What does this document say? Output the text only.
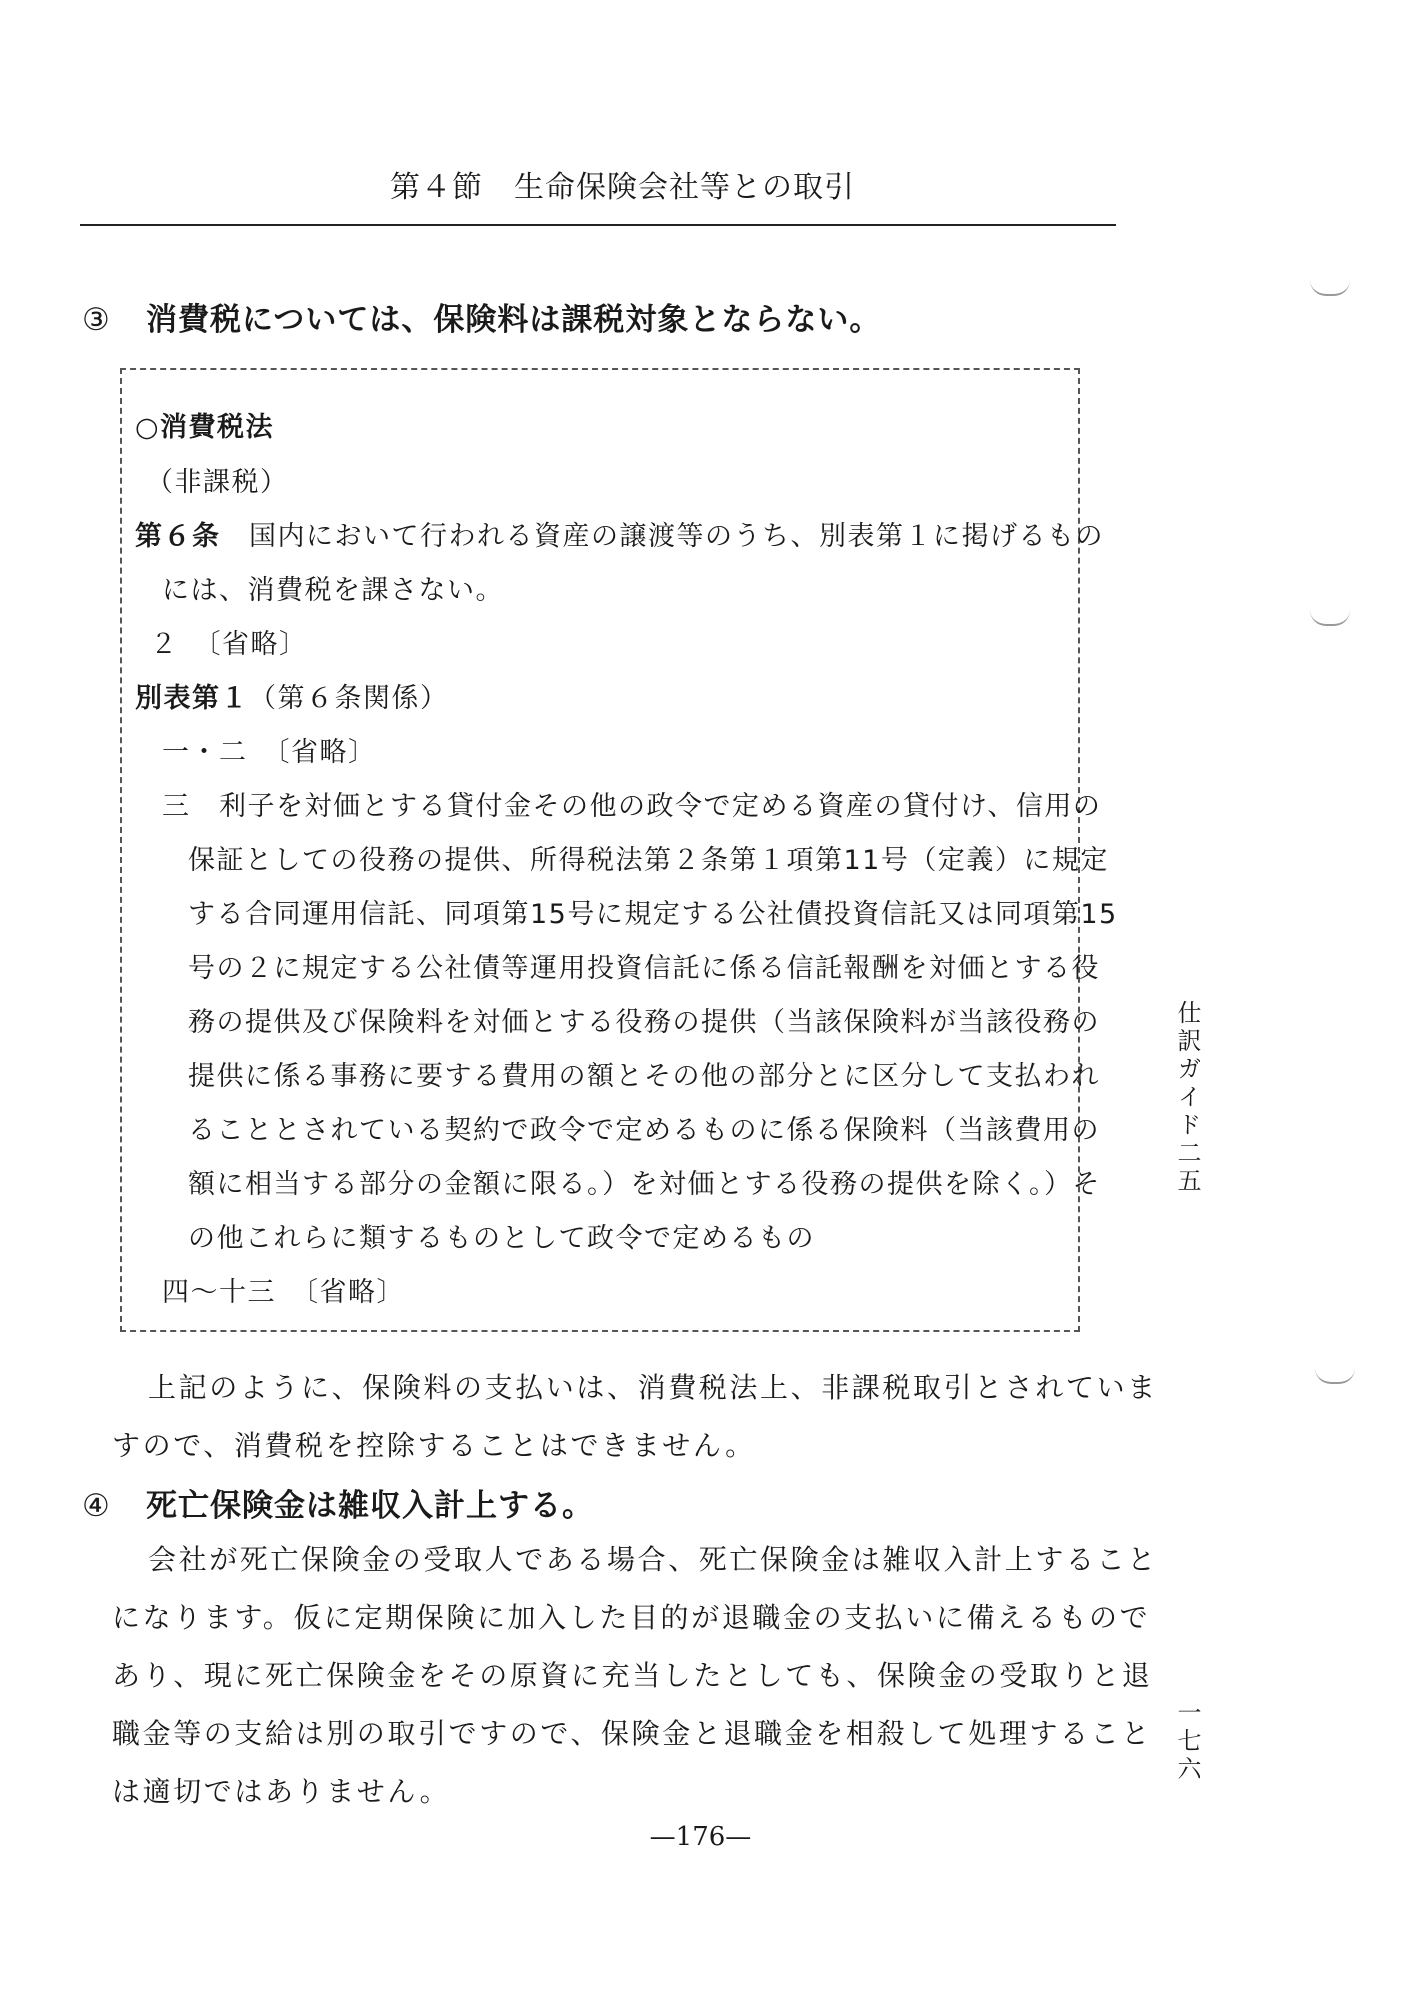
第４節　生命保険会社等との取引
③ 消費税については、保険料は課税対象とならない。
○消費税法
（非課税）
第６条　国内において行われる資産の譲渡等のうち、別表第１に掲げるもの
には、消費税を課さない。
２　〔省略〕
別表第１（第６条関係）
一・二　〔省略〕
三　利子を対価とする貸付金その他の政令で定める資産の貸付け、信用の
保証としての役務の提供、所得税法第２条第１項第11号（定義）に規定
する合同運用信託、同項第15号に規定する公社債投資信託又は同項第15
号の２に規定する公社債等運用投資信託に係る信託報酬を対価とする役
務の提供及び保険料を対価とする役務の提供（当該保険料が当該役務の
提供に係る事務に要する費用の額とその他の部分とに区分して支払われ
ることとされている契約で政令で定めるものに係る保険料（当該費用の
額に相当する部分の金額に限る。）を対価とする役務の提供を除く。）そ
の他これらに類するものとして政令で定めるもの
四～十三　〔省略〕
上記のように、保険料の支払いは、消費税法上、非課税取引とされていま
すので、消費税を控除することはできません。
④ 死亡保険金は雑収入計上する。
会社が死亡保険金の受取人である場合、死亡保険金は雑収入計上すること
になります。仮に定期保険に加入した目的が退職金の支払いに備えるもので
あり、現に死亡保険金をその原資に充当したとしても、保険金の受取りと退
職金等の支給は別の取引ですので、保険金と退職金を相殺して処理すること
は適切ではありません。
仕訳ガイド二五
一七六
—176—
